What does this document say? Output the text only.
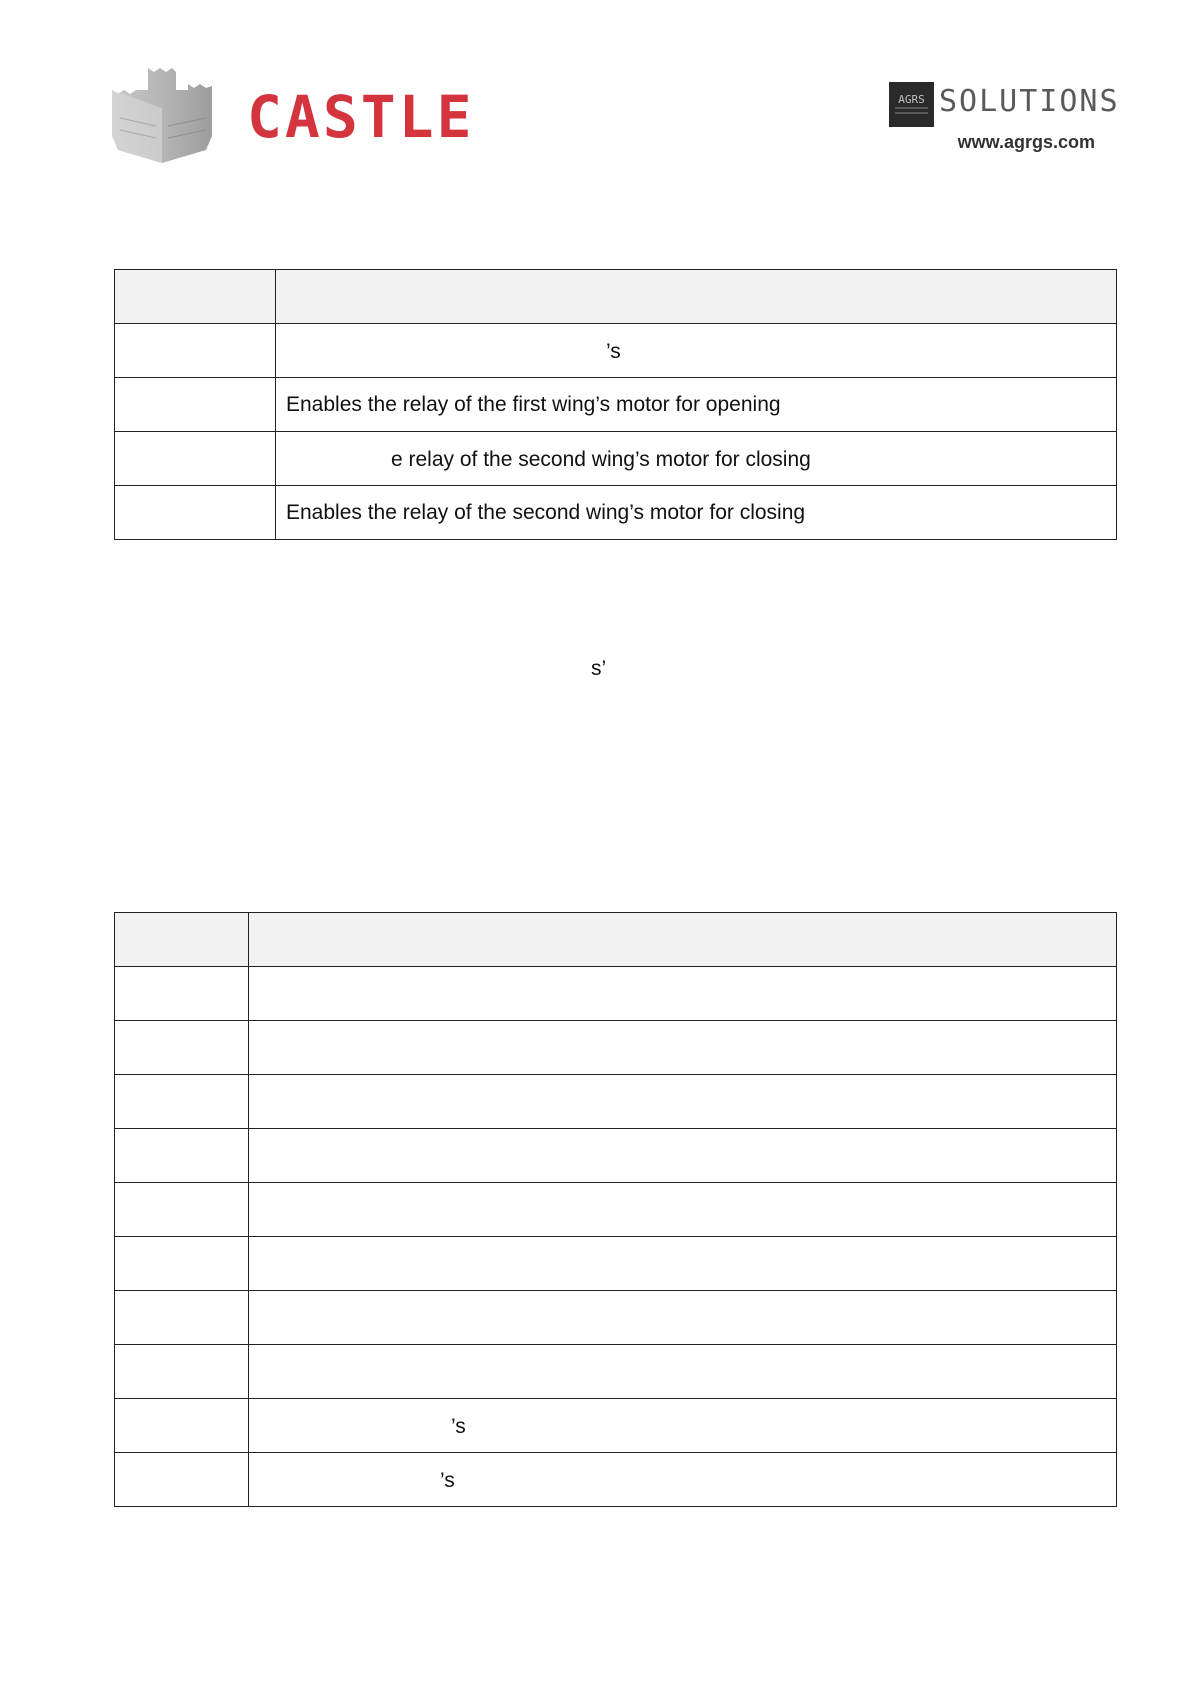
CASTLE	AGRS SOLUTIONS
www.agrgs.com

	’s

	Enables the relay of the first wing’s motor for opening

	e relay of the second wing’s motor for closing

	Enables the relay of the second wing’s motor for closing
s’

	’s

	’s
